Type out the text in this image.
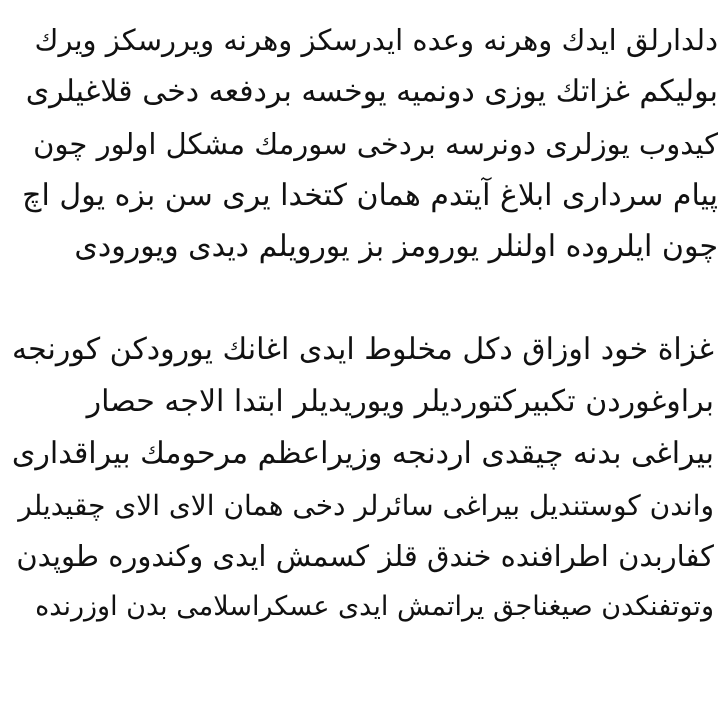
دلدارلق ایدك وهرنه وعده ایدرسکز وهرنه ویررسکز ویرك
بولیکم غزاتك یوزی دونمیه یوخسه بردفعه دخی قلاغیلری
کیدوب یوزلری دونرسه بردخی سورمك مشکل اولور چون
پیام سرداری ابلاغ آیتدم همان کتخدا یری سن بزه یول اچ
چون ایلروده اولنلر یورومز بز یورویلم دیدی ویورودی
غزاة خود اوزاق دکل مخلوط ایدی اغانك یورودکن کورنجه
براوغوردن تکبیرکتوردیلر ویوریدیلر ابتدا الاجه حصار
بیراغی بدنه چیقدی اردنجه وزیراعظم مرحومك بیراقداری
واندن کوستندیل بیراغی سائرلر دخی همان الای الای چقیدیلر
کفاربدن اطرافنده خندق قلز کسمش ایدی وکندوره طوپدن
وتوتفنکدن صیغناجق یراتمش ایدی عسکراسلامی بدن اوزرنده
